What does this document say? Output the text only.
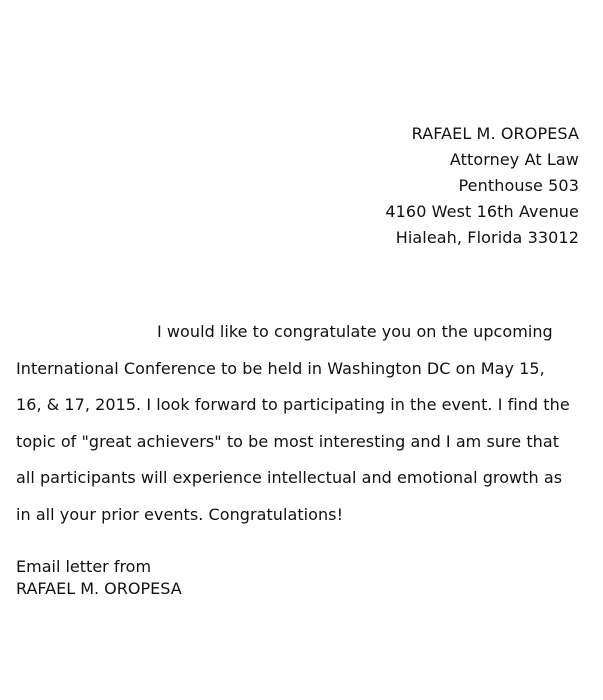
RAFAEL M. OROPESA
Attorney At Law
Penthouse 503
4160 West 16th Avenue
Hialeah, Florida 33012
I would like to congratulate you on the upcoming
International Conference to be held in Washington DC on May 15,
16, & 17, 2015. I look forward to participating in the event. I find the
topic of "great achievers" to be most interesting and I am sure that
all participants will experience intellectual and emotional growth as
in all your prior events. Congratulations!
Email letter from
RAFAEL M. OROPESA
